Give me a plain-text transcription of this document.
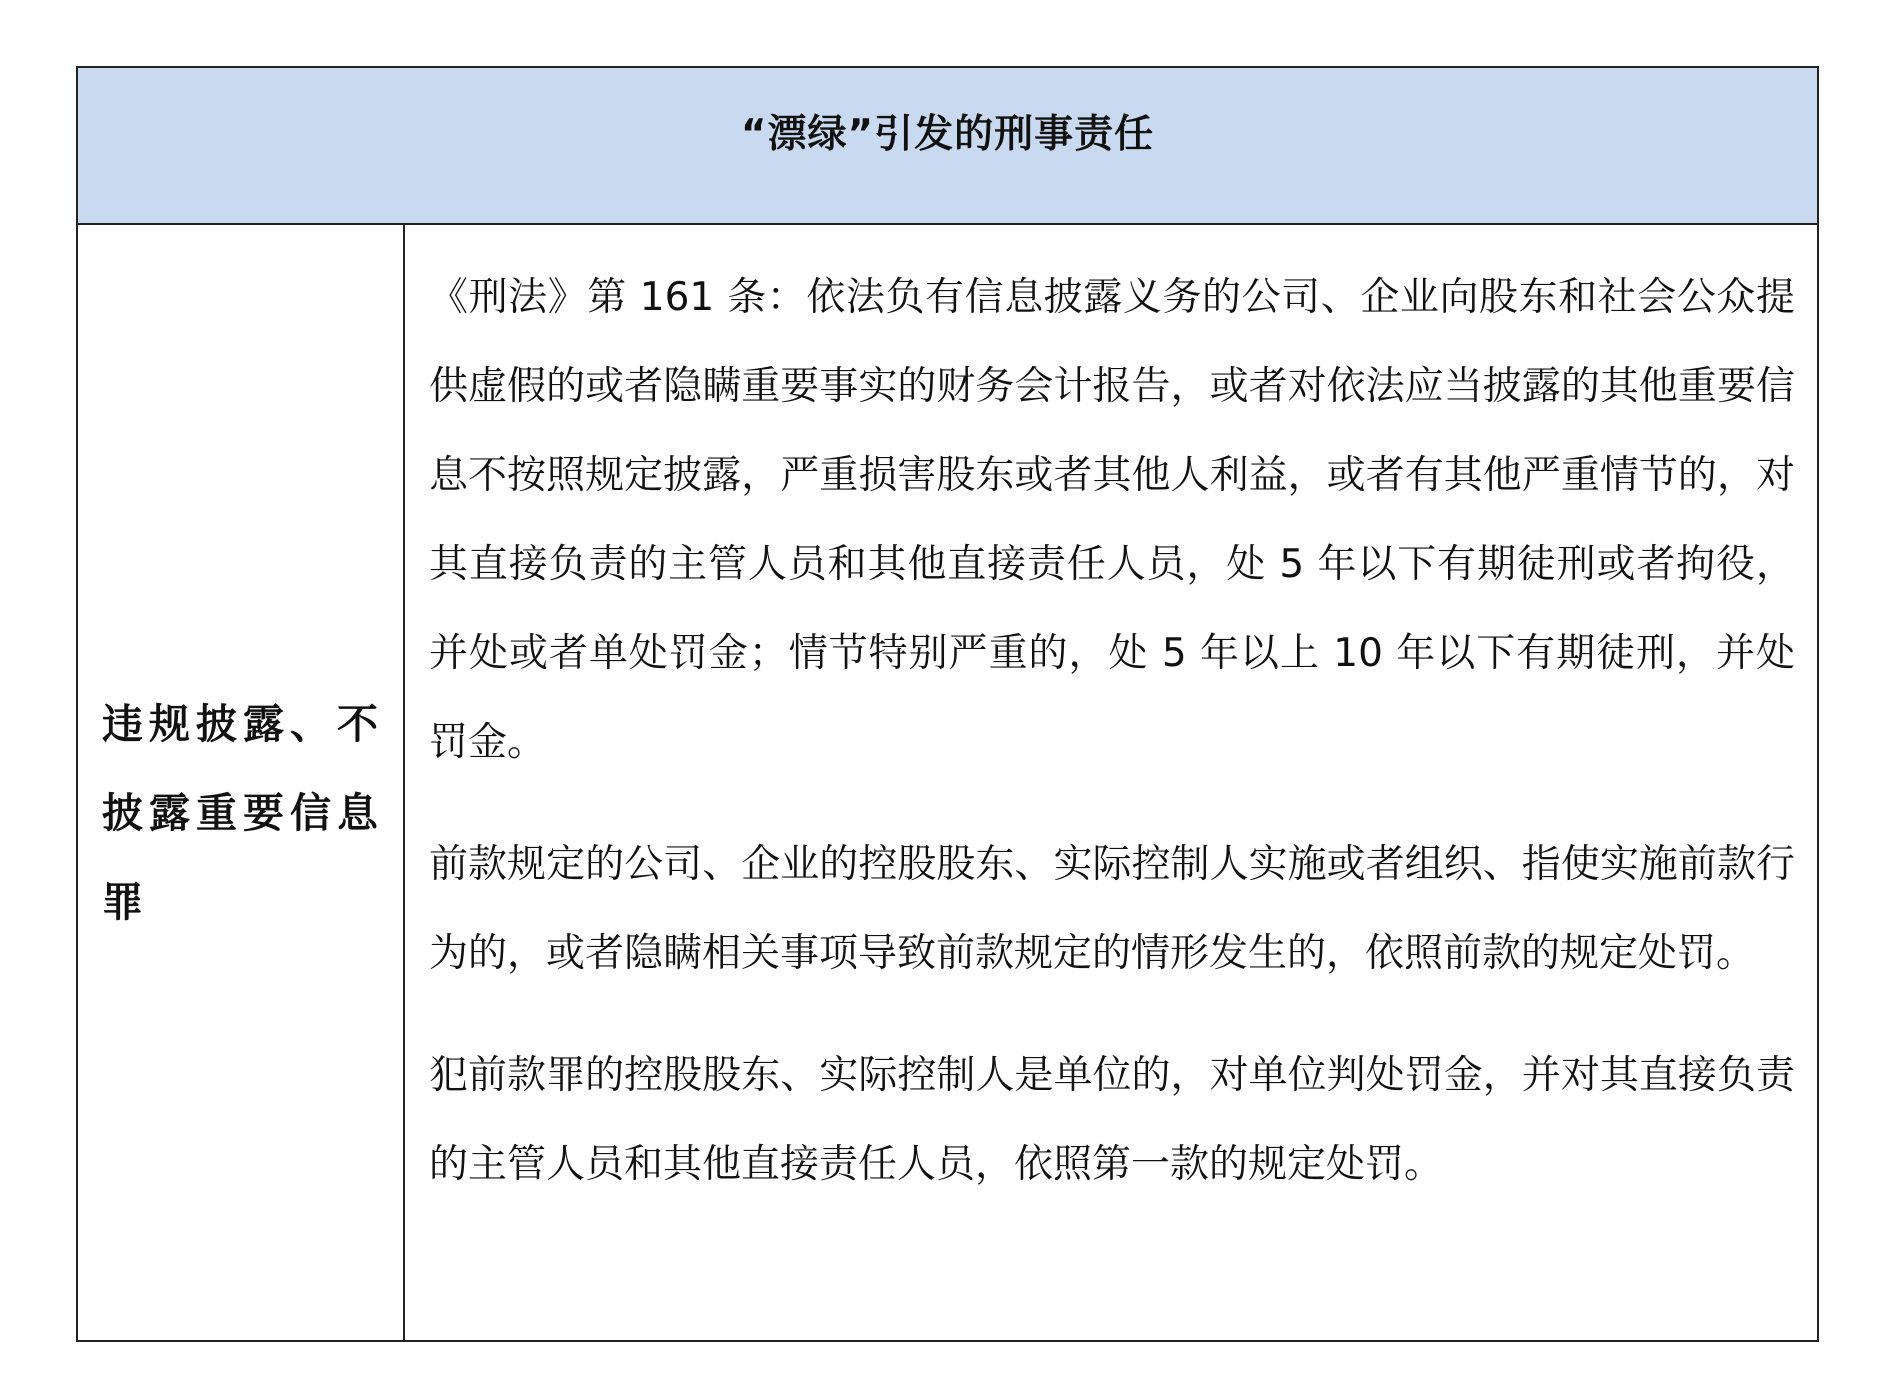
“漂绿”引发的刑事责任
违规披露、不披露重要信息罪

《刑法》第 161 条：依法负有信息披露义务的公司、企业向股东和社会公众提供虚假的或者隐瞒重要事实的财务会计报告，或者对依法应当披露的其他重要信息不按照规定披露，严重损害股东或者其他人利益，或者有其他严重情节的，对其直接负责的主管人员和其他直接责任人员，处 5 年以下有期徒刑或者拘役，并处或者单处罚金；情节特别严重的，处 5 年以上 10 年以下有期徒刑，并处罚金。

前款规定的公司、企业的控股股东、实际控制人实施或者组织、指使实施前款行为的，或者隐瞒相关事项导致前款规定的情形发生的，依照前款的规定处罚。

犯前款罪的控股股东、实际控制人是单位的，对单位判处罚金，并对其直接负责的主管人员和其他直接责任人员，依照第一款的规定处罚。
